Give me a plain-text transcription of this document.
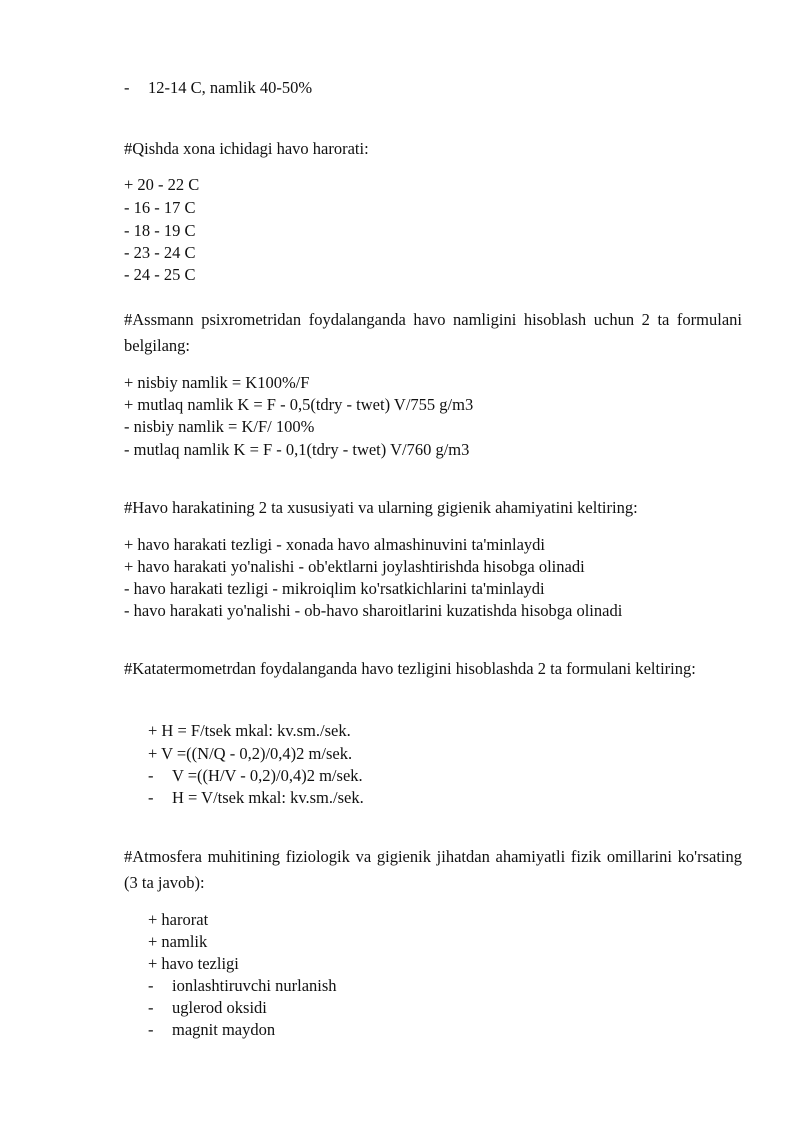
- 12-14 C, namlik 40-50%
#Qishda xona ichidagi havo harorati:
+ 20 - 22 C
- 16 - 17 C
- 18 - 19 C
- 23 - 24 C
- 24 - 25 C
#Assmann psixrometridan foydalanganda havo namligini hisoblash uchun 2 ta formulani belgilang:
+ nisbiy namlik = K100%/F
+ mutlaq namlik K = F - 0,5(tdry - twet) V/755 g/m3
- nisbiy namlik = K/F/ 100%
- mutlaq namlik K = F - 0,1(tdry - twet) V/760 g/m3
#Havo harakatining 2 ta xususiyati va ularning gigienik ahamiyatini keltiring:
+ havo harakati tezligi - xonada havo almashinuvini ta'minlaydi
+ havo harakati yo'nalishi - ob'ektlarni joylashtirishda hisobga olinadi
- havo harakati tezligi - mikroiqlim ko'rsatkichlarini ta'minlaydi
- havo harakati yo'nalishi - ob-havo sharoitlarini kuzatishda hisobga olinadi
#Katatermometrdan foydalanganda havo tezligini hisoblashda 2 ta formulani keltiring:
+ H = F/tsek mkal: kv.sm./sek.
+ V =((N/Q - 0,2)/0,4)2 m/sek.
- V =((H/V - 0,2)/0,4)2 m/sek.
- H = V/tsek mkal: kv.sm./sek.
#Atmosfera muhitining fiziologik va gigienik jihatdan ahamiyatli fizik omillarini ko'rsating (3 ta javob):
+ harorat
+ namlik
+ havo tezligi
- ionlashtiruvchi nurlanish
- uglerod oksidi
- magnit maydon
